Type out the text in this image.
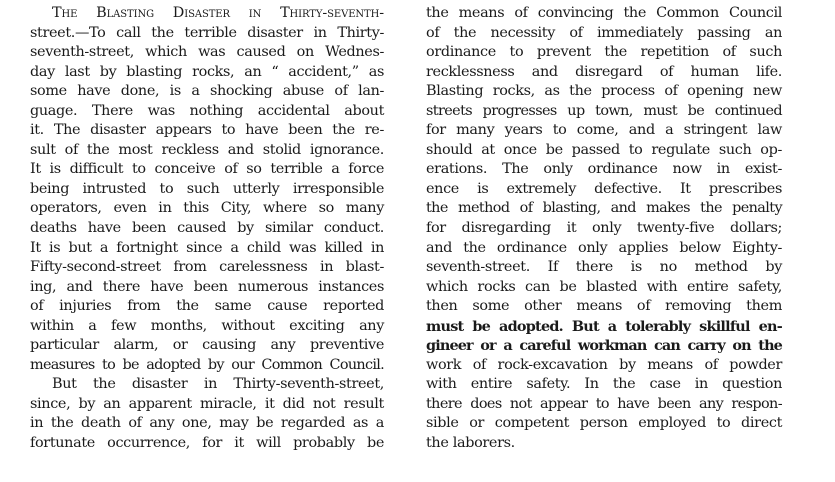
The Blasting Disaster in Thirty-seventh-
street.—To call the terrible disaster in Thirty-
seventh-street, which was caused on Wednes-
day last by blasting rocks, an “ accident,” as
some have done, is a shocking abuse of lan-
guage. There was nothing accidental about
it. The disaster appears to have been the re-
sult of the most reckless and stolid ignorance.
It is difficult to conceive of so terrible a force
being intrusted to such utterly irresponsible
operators, even in this City, where so many
deaths have been caused by similar conduct.
It is but a fortnight since a child was killed in
Fifty-second-street from carelessness in blast-
ing, and there have been numerous instances
of injuries from the same cause reported
within a few months, without exciting any
particular alarm, or causing any preventive
measures to be adopted by our Common Council.
But the disaster in Thirty-seventh-street,
since, by an apparent miracle, it did not result
in the death of any one, may be regarded as a
fortunate occurrence, for it will probably be
the means of convincing the Common Council
of the necessity of immediately passing an
ordinance to prevent the repetition of such
recklessness and disregard of human life.
Blasting rocks, as the process of opening new
streets progresses up town, must be continued
for many years to come, and a stringent law
should at once be passed to regulate such op-
erations. The only ordinance now in exist-
ence is extremely defective. It prescribes
the method of blasting, and makes the penalty
for disregarding it only twenty-five dollars;
and the ordinance only applies below Eighty-
seventh-street. If there is no method by
which rocks can be blasted with entire safety,
then some other means of removing them
must be adopted. But a tolerably skillful en-
gineer or a careful workman can carry on the
work of rock-excavation by means of powder
with entire safety. In the case in question
there does not appear to have been any respon-
sible or competent person employed to direct
the laborers.
